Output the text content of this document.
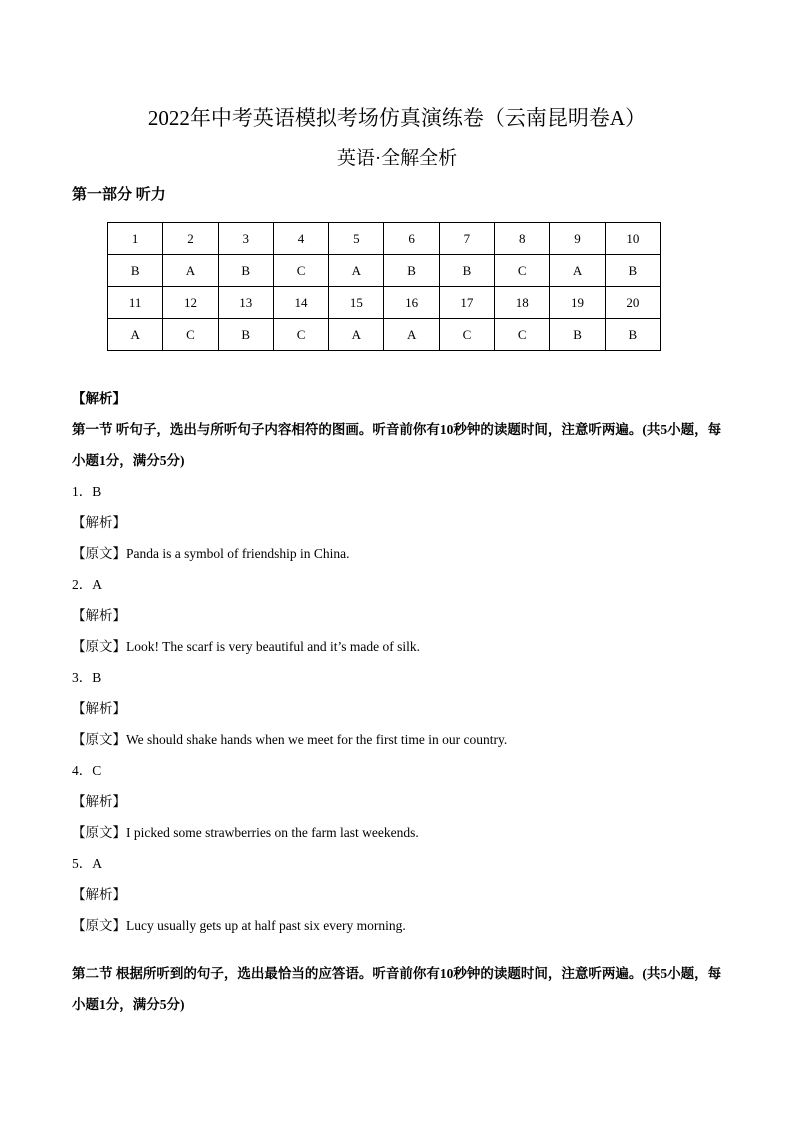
2022年中考英语模拟考场仿真演练卷（云南昆明卷A）
英语·全解全析
第一部分 听力
1	2	3	4	5	6	7	8	9	10
B	A	B	C	A	B	B	C	A	B
11	12	13	14	15	16	17	18	19	20
A	C	B	C	A	A	C	C	B	B
【解析】
第一节 听句子，选出与所听句子内容相符的图画。听音前你有10秒钟的读题时间，注意听两遍。(共5小题，每小题1分，满分5分)
1．B
【解析】
【原文】Panda is a symbol of friendship in China.
2．A
【解析】
【原文】Look! The scarf is very beautiful and it’s made of silk.
3．B
【解析】
【原文】We should shake hands when we meet for the first time in our country.
4．C
【解析】
【原文】I picked some strawberries on the farm last weekends.
5．A
【解析】
【原文】Lucy usually gets up at half past six every morning.
第二节 根据所听到的句子，选出最恰当的应答语。听音前你有10秒钟的读题时间，注意听两遍。(共5小题，每小题1分，满分5分)
